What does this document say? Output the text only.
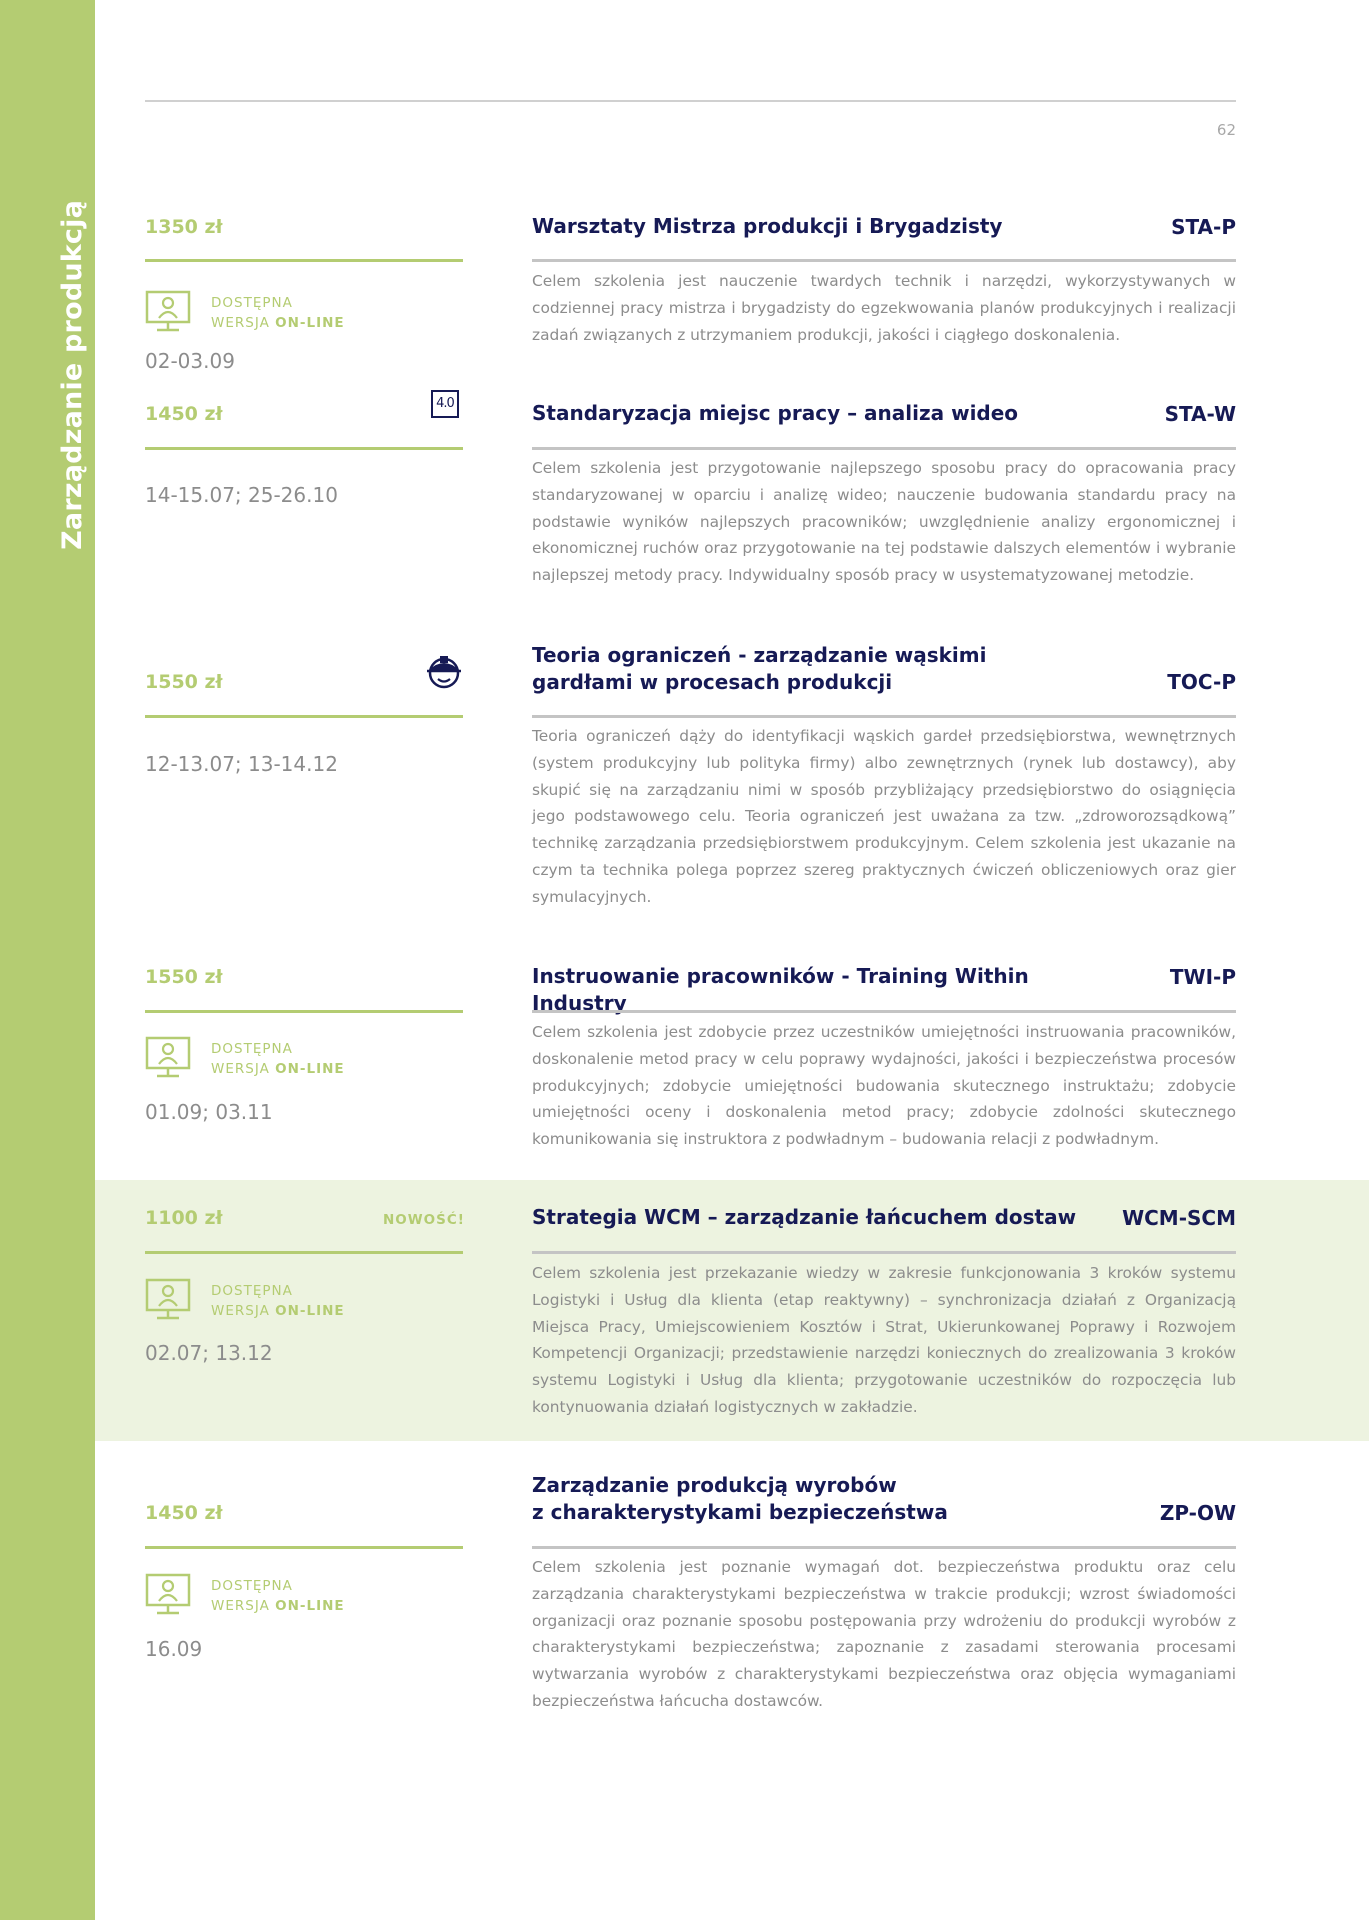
Zarządzanie produkcją
62
1350 zł	Warsztaty Mistrza produkcji i Brygadzisty	STA-P

Celem szkolenia jest nauczenie twardych technik i narzędzi, wykorzystywanych w codziennej pracy mistrza i brygadzisty do egzekwowania planów produkcyjnych i realizacji zadań związanych z utrzymaniem produkcji, jakości i ciągłego doskonalenia.

DOSTĘPNA
WERSJA ON-LINE
02-03.09
1450 zł	4.0	Standaryzacja miejsc pracy – analiza wideo	STA-W

Celem szkolenia jest przygotowanie najlepszego sposobu pracy do opracowania pracy standaryzowanej w oparciu i analizę wideo; nauczenie budowania standardu pracy na podstawie wyników najlepszych pracowników; uwzględnienie analizy ergonomicznej i ekonomicznej ruchów oraz przygotowanie na tej podstawie dalszych elementów i wybranie najlepszej metody pracy. Indywidualny sposób pracy w usystematyzowanej metodzie.

14-15.07; 25-26.10
1550 zł
Teoria ograniczeń - zarządzanie wąskimi
gardłami w procesach produkcji	TOC-P

Teoria ograniczeń dąży do identyfikacji wąskich gardeł przedsiębiorstwa, wewnętrznych (system produkcyjny lub polityka firmy) albo zewnętrznych (rynek lub dostawcy), aby skupić się na zarządzaniu nimi w sposób przybliżający przedsiębiorstwo do osiągnięcia jego podstawowego celu. Teoria ograniczeń jest uważana za tzw. „zdroworozsądkową” technikę zarządzania przedsiębiorstwem produkcyjnym. Celem szkolenia jest ukazanie na czym ta technika polega poprzez szereg praktycznych ćwiczeń obliczeniowych oraz gier symulacyjnych.

12-13.07; 13-14.12
1550 zł	Instruowanie pracowników - Training Within Industry
TWI-P

Celem szkolenia jest zdobycie przez uczestników umiejętności instruowania pracowników, doskonalenie metod pracy w celu poprawy wydajności, jakości i bezpieczeństwa procesów produkcyjnych; zdobycie umiejętności budowania skutecznego instruktażu; zdobycie umiejętności oceny i doskonalenia metod pracy; zdobycie zdolności skutecznego komunikowania się instruktora z podwładnym – budowania relacji z podwładnym.

DOSTĘPNA
WERSJA ON-LINE
01.09; 03.11
1100 zł	NOWOŚĆ!	Strategia WCM – zarządzanie łańcuchem dostaw	WCM-SCM

Celem szkolenia jest przekazanie wiedzy w zakresie funkcjonowania 3 kroków systemu Logistyki i Usług dla klienta (etap reaktywny) – synchronizacja działań z Organizacją Miejsca Pracy, Umiejscowieniem Kosztów i Strat, Ukierunkowanej Poprawy i Rozwojem Kompetencji Organizacji; przedstawienie narzędzi koniecznych do zrealizowania 3 kroków systemu Logistyki i Usług dla klienta; przygotowanie uczestników do rozpoczęcia lub kontynuowania działań logistycznych w zakładzie.

DOSTĘPNA
WERSJA ON-LINE
02.07; 13.12
1450 zł
Zarządzanie produkcją wyrobów
z charakterystykami bezpieczeństwa	ZP-OW

Celem szkolenia jest poznanie wymagań dot. bezpieczeństwa produktu oraz celu zarządzania charakterystykami bezpieczeństwa w trakcie produkcji; wzrost świadomości organizacji oraz poznanie sposobu postępowania przy wdrożeniu do produkcji wyrobów z charakterystykami bezpieczeństwa; zapoznanie z zasadami sterowania procesami wytwarzania wyrobów z charakterystykami bezpieczeństwa oraz objęcia wymaganiami bezpieczeństwa łańcucha dostawców.

DOSTĘPNA
WERSJA ON-LINE
16.09
